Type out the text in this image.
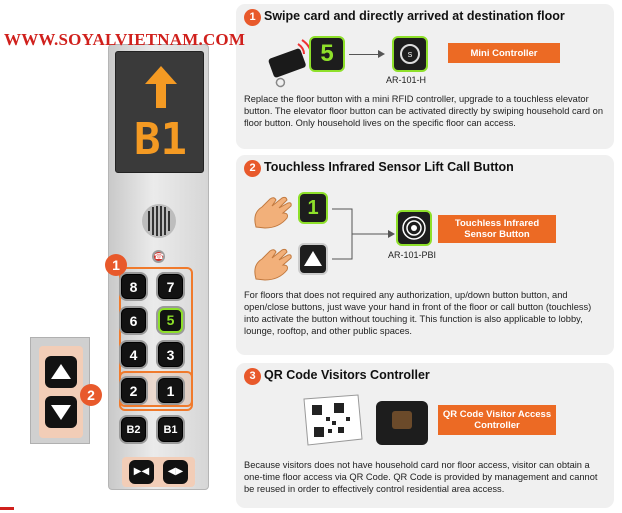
WWW.SOYALVIETNAM.COM
2
B1
☎
8	7
6	5
4	3
2	1
B2	B1
▶◀	◀▶
1
1 Swipe card and directly arrived at destination floor
5	S
AR-101-H
Mini Controller
Replace the floor button with a mini RFID controller, upgrade to a touchless elevator button. The elevator floor button can be activated directly by swiping household card on floor button. Only household lives on the specific floor can access.
2 Touchless Infrared Sensor Lift Call Button
1
AR-101-PBI
Touchless Infrared Sensor Button
For floors that does not required any authorization, up/down button button, and open/close buttons, just wave your hand in front of the floor or call button (touchless) into activate the button without touching it. This function is also applicable to lobby, lounge, rooftop, and other public spaces.
3 QR Code Visitors Controller
QR Code Visitor Access Controller
Because visitors does not have household card nor floor access, visitor can obtain a one-time floor access via QR Code. QR Code is provided by management and cannot be reused in order to effectively control residential area access.
